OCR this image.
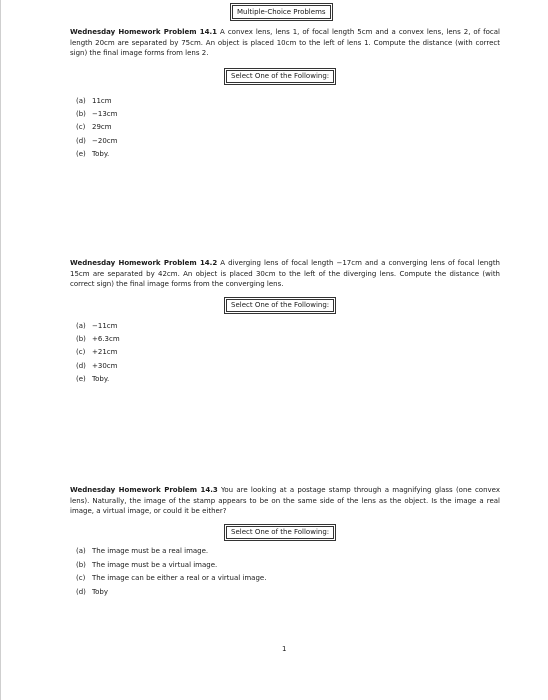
Multiple-Choice Problems
Wednesday Homework Problem 14.1 A convex lens, lens 1, of focal length 5cm and a convex lens, lens 2, of focal length 20cm are separated by 75cm. An object is placed 10cm to the left of lens 1. Compute the distance (with correct sign) the final image forms from lens 2.
Select One of the Following:
(a) 11cm
(b) −13cm
(c) 29cm
(d) −20cm
(e) Toby.
Wednesday Homework Problem 14.2 A diverging lens of focal length −17cm and a converging lens of focal length 15cm are separated by 42cm. An object is placed 30cm to the left of the diverging lens. Compute the distance (with correct sign) the final image forms from the converging lens.
Select One of the Following:
(a) −11cm
(b) +6.3cm
(c) +21cm
(d) +30cm
(e) Toby.
Wednesday Homework Problem 14.3 You are looking at a postage stamp through a magnifying glass (one convex lens). Naturally, the image of the stamp appears to be on the same side of the lens as the object. Is the image a real image, a virtual image, or could it be either?
Select One of the Following:
(a) The image must be a real image.
(b) The image must be a virtual image.
(c) The image can be either a real or a virtual image.
(d) Toby
1
